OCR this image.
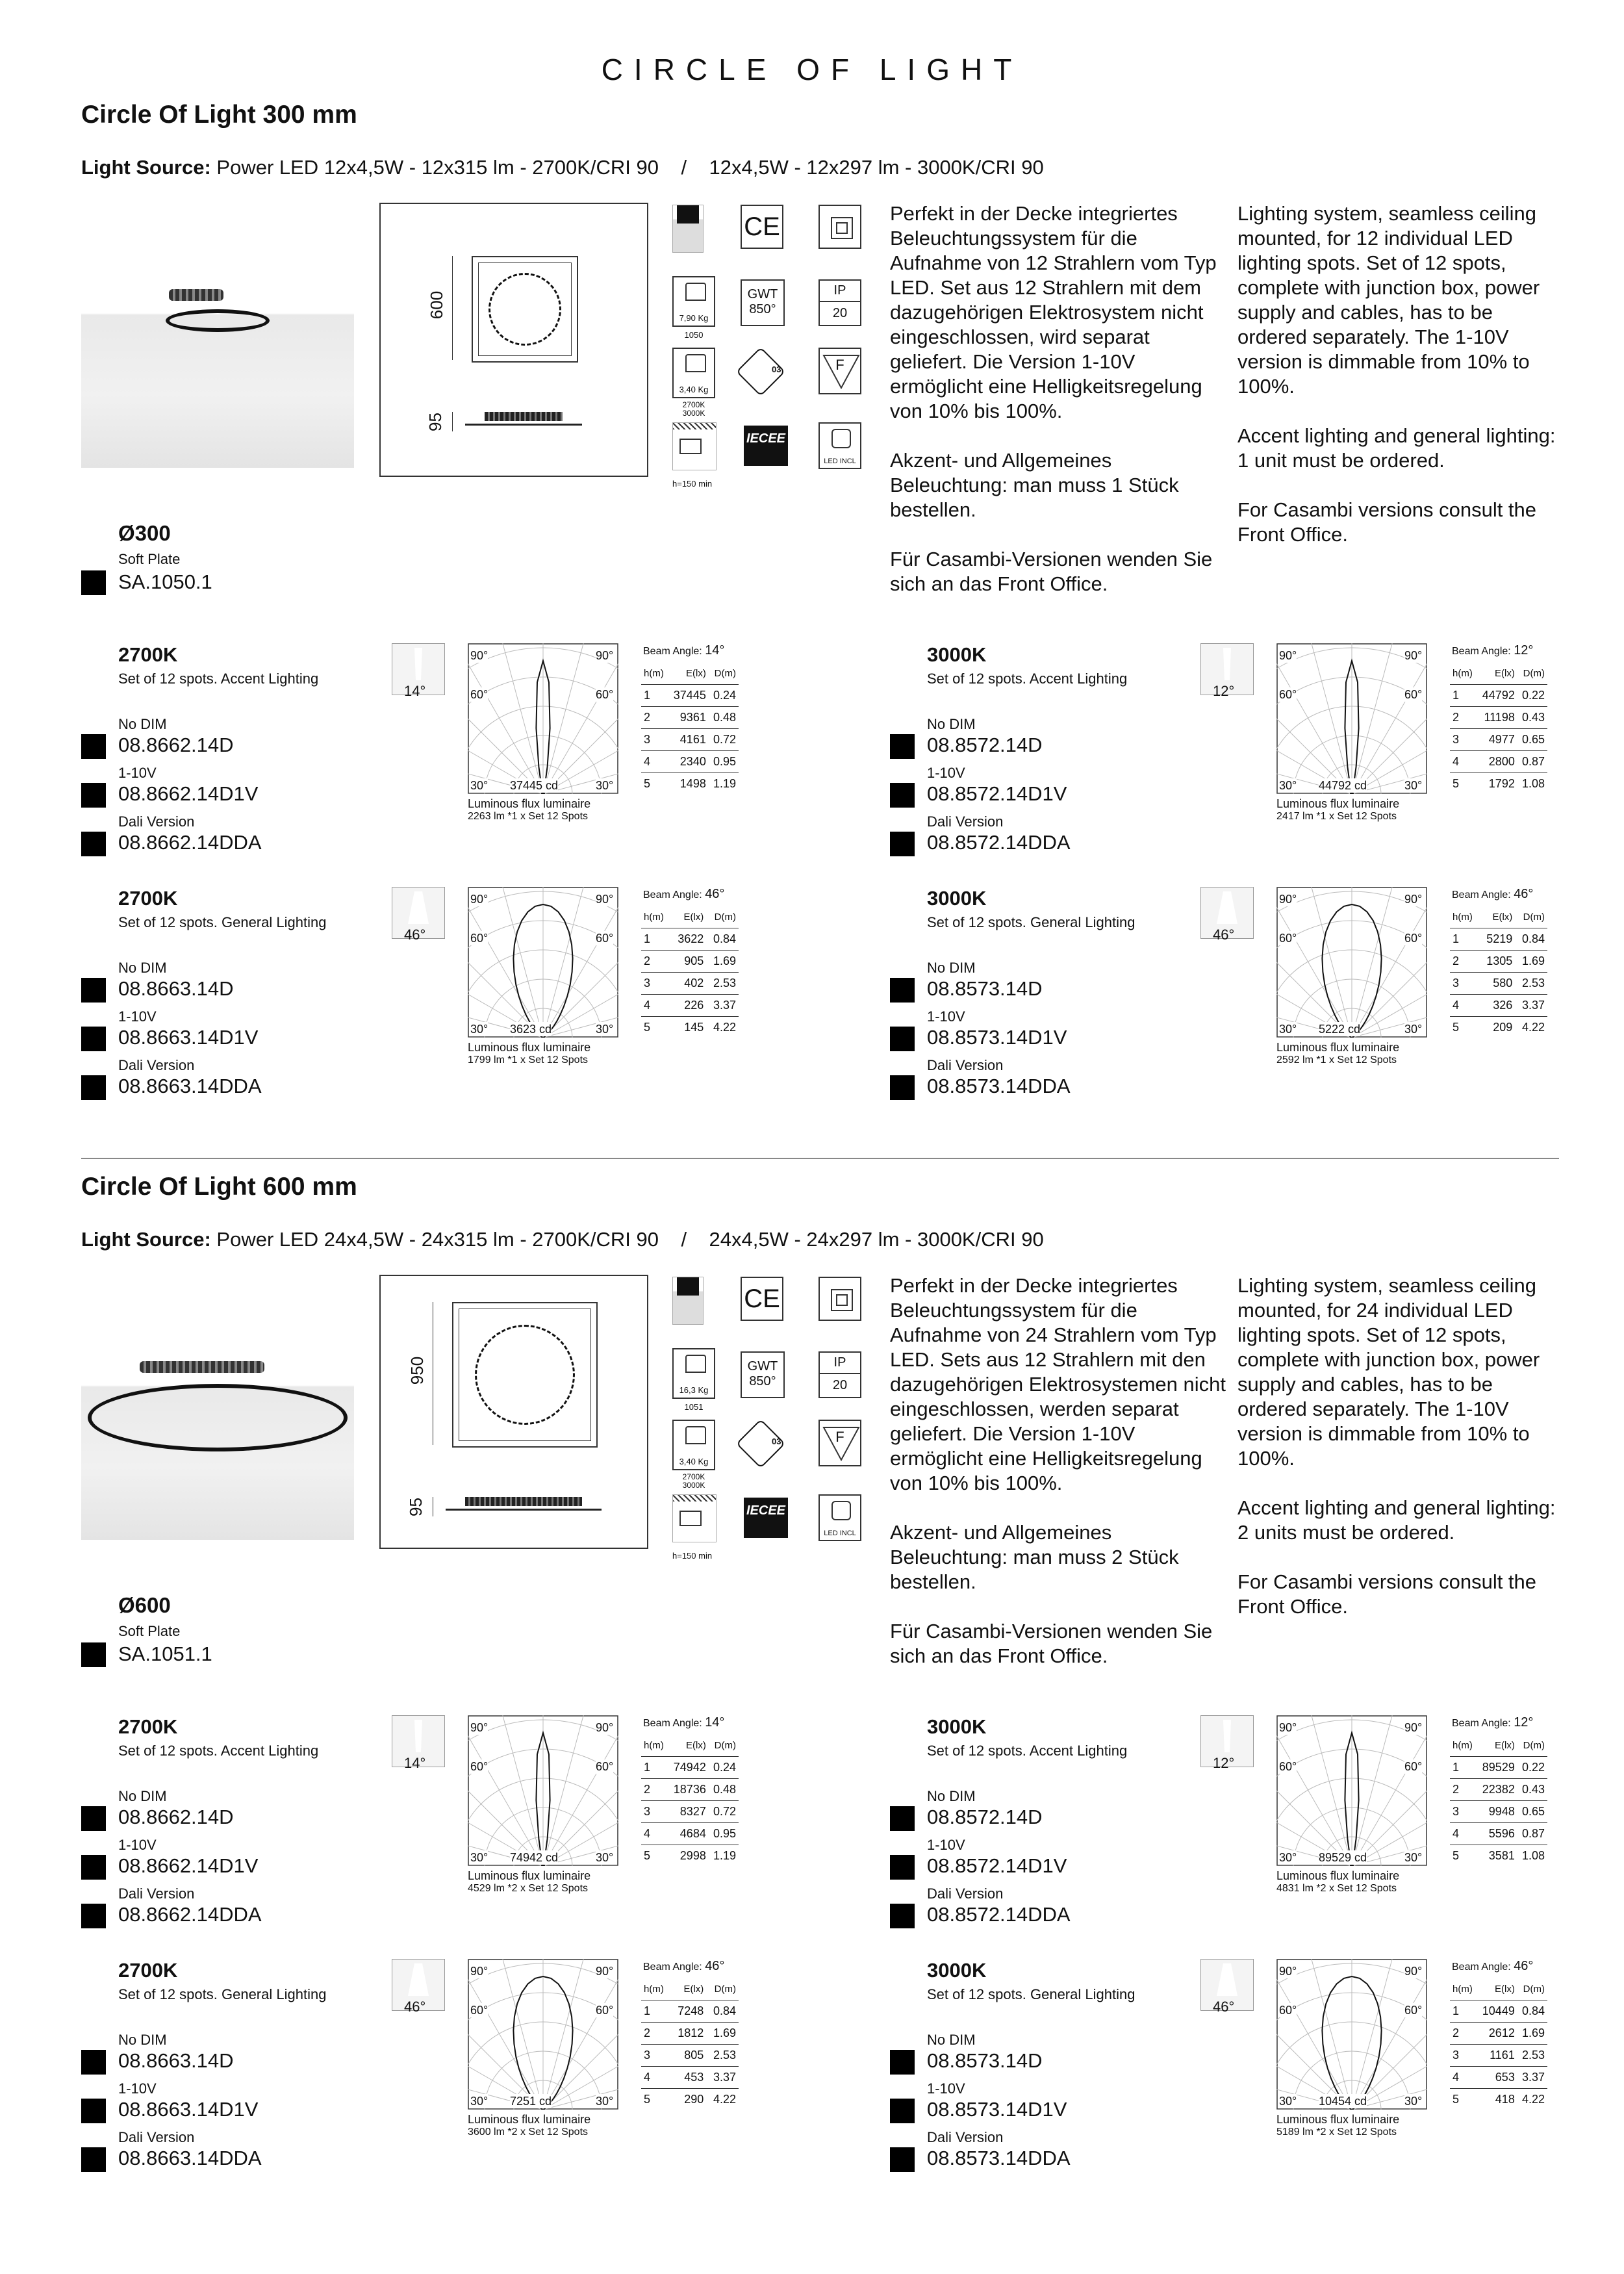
CIRCLE OF LIGHT
Circle Of Light 300 mm
Light Source: Power LED 12x4,5W - 12x315 lm - 2700K/CRI 90    /    12x4,5W - 12x297 lm - 3000K/CRI 90
600
95
CE
7,90 Kg
1050
GWT
850°
IP
20
3,40 Kg
2700K
3000K
03	F
h=150 min
IECEE
LED INCL

Perfekt in der Decke integriertes Beleuchtungssystem für die Aufnahme von 12 Strahlern vom Typ LED. Set aus 12 Strahlern mit dem dazugehörigen Elektrosystem nicht eingeschlossen, wird separat geliefert. Die Version 1-10V ermöglicht eine Helligkeitsregelung von 10% bis 100%.

Akzent- und Allgemeines Beleuchtung: man muss 1 Stück bestellen.

Für Casambi-Versionen wenden Sie sich an das Front Office.

Lighting system, seamless ceiling mounted, for 12 individual LED lighting spots. Set of 12 spots, complete with junction box, power supply and cables, has to be ordered separately. The 1-10V version is dimmable from 10% to 100%.

Accent lighting and general lighting: 1 unit must be ordered.

For Casambi versions consult the Front Office.

Ø300
Soft Plate
SA.1050.1
2700K
Set of 12 spots. Accent Lighting
14°
90°	90°
60°	60°
30°	30°
37445 cd
Luminous flux luminaire
2263 lm *1 x Set 12 Spots
Beam Angle: 14°
h(m)	E(lx)	D(m)
1	37445	0.24
2	9361	0.48
3	4161	0.72
4	2340	0.95
5	1498	1.19
No DIM
08.8662.14D
1-10V
08.8662.14D1V
Dali Version
08.8662.14DDA
3000K
Set of 12 spots. Accent Lighting
12°
90°	90°
60°	60°
30°	30°
44792 cd
Luminous flux luminaire
2417 lm *1 x Set 12 Spots
Beam Angle: 12°
h(m)	E(lx)	D(m)
1	44792	0.22
2	11198	0.43
3	4977	0.65
4	2800	0.87
5	1792	1.08
No DIM
08.8572.14D
1-10V
08.8572.14D1V
Dali Version
08.8572.14DDA
2700K
Set of 12 spots. General Lighting
46°
90°	90°
60°	60°
30°	30°
3623 cd
Luminous flux luminaire
1799 lm *1 x Set 12 Spots
Beam Angle: 46°
h(m)	E(lx)	D(m)
1	3622	0.84
2	905	1.69
3	402	2.53
4	226	3.37
5	145	4.22
No DIM
08.8663.14D
1-10V
08.8663.14D1V
Dali Version
08.8663.14DDA
3000K
Set of 12 spots. General Lighting
46°
90°	90°
60°	60°
30°	30°
5222 cd
Luminous flux luminaire
2592 lm *1 x Set 12 Spots
Beam Angle: 46°
h(m)	E(lx)	D(m)
1	5219	0.84
2	1305	1.69
3	580	2.53
4	326	3.37
5	209	4.22
No DIM
08.8573.14D
1-10V
08.8573.14D1V
Dali Version
08.8573.14DDA
Circle Of Light 600 mm
Light Source: Power LED 24x4,5W - 24x315 lm - 2700K/CRI 90    /    24x4,5W - 24x297 lm - 3000K/CRI 90
950
95
CE
16,3 Kg
1051
GWT
850°
IP
20
3,40 Kg
2700K
3000K
03	F
h=150 min
IECEE
LED INCL

Perfekt in der Decke integriertes Beleuchtungssystem für die Aufnahme von 24 Strahlern vom Typ LED. Sets aus 12 Strahlern mit den dazugehörigen Elektrosystemen nicht eingeschlossen, werden separat geliefert. Die Version 1-10V ermöglicht eine Helligkeitsregelung von 10% bis 100%.

Akzent- und Allgemeines Beleuchtung: man muss 2 Stück bestellen.

Für Casambi-Versionen wenden Sie sich an das Front Office.

Lighting system, seamless ceiling mounted, for 24 individual LED lighting spots. Set of 12 spots, complete with junction box, power supply and cables, has to be ordered separately. The 1-10V version is dimmable from 10% to 100%.

Accent lighting and general lighting: 2 units must be ordered.

For Casambi versions consult the Front Office.

Ø600
Soft Plate
SA.1051.1
2700K
Set of 12 spots. Accent Lighting
14°
90°	90°
60°	60°
30°	30°
74942 cd
Luminous flux luminaire
4529 lm *2 x Set 12 Spots
Beam Angle: 14°
h(m)	E(lx)	D(m)
1	74942	0.24
2	18736	0.48
3	8327	0.72
4	4684	0.95
5	2998	1.19
No DIM
08.8662.14D
1-10V
08.8662.14D1V
Dali Version
08.8662.14DDA
3000K
Set of 12 spots. Accent Lighting
12°
90°	90°
60°	60°
30°	30°
89529 cd
Luminous flux luminaire
4831 lm *2 x Set 12 Spots
Beam Angle: 12°
h(m)	E(lx)	D(m)
1	89529	0.22
2	22382	0.43
3	9948	0.65
4	5596	0.87
5	3581	1.08
No DIM
08.8572.14D
1-10V
08.8572.14D1V
Dali Version
08.8572.14DDA
2700K
Set of 12 spots. General Lighting
46°
90°	90°
60°	60°
30°	30°
7251 cd
Luminous flux luminaire
3600 lm *2 x Set 12 Spots
Beam Angle: 46°
h(m)	E(lx)	D(m)
1	7248	0.84
2	1812	1.69
3	805	2.53
4	453	3.37
5	290	4.22
No DIM
08.8663.14D
1-10V
08.8663.14D1V
Dali Version
08.8663.14DDA
3000K
Set of 12 spots. General Lighting
46°
90°	90°
60°	60°
30°	30°
10454 cd
Luminous flux luminaire
5189 lm *2 x Set 12 Spots
Beam Angle: 46°
h(m)	E(lx)	D(m)
1	10449	0.84
2	2612	1.69
3	1161	2.53
4	653	3.37
5	418	4.22
No DIM
08.8573.14D
1-10V
08.8573.14D1V
Dali Version
08.8573.14DDA
